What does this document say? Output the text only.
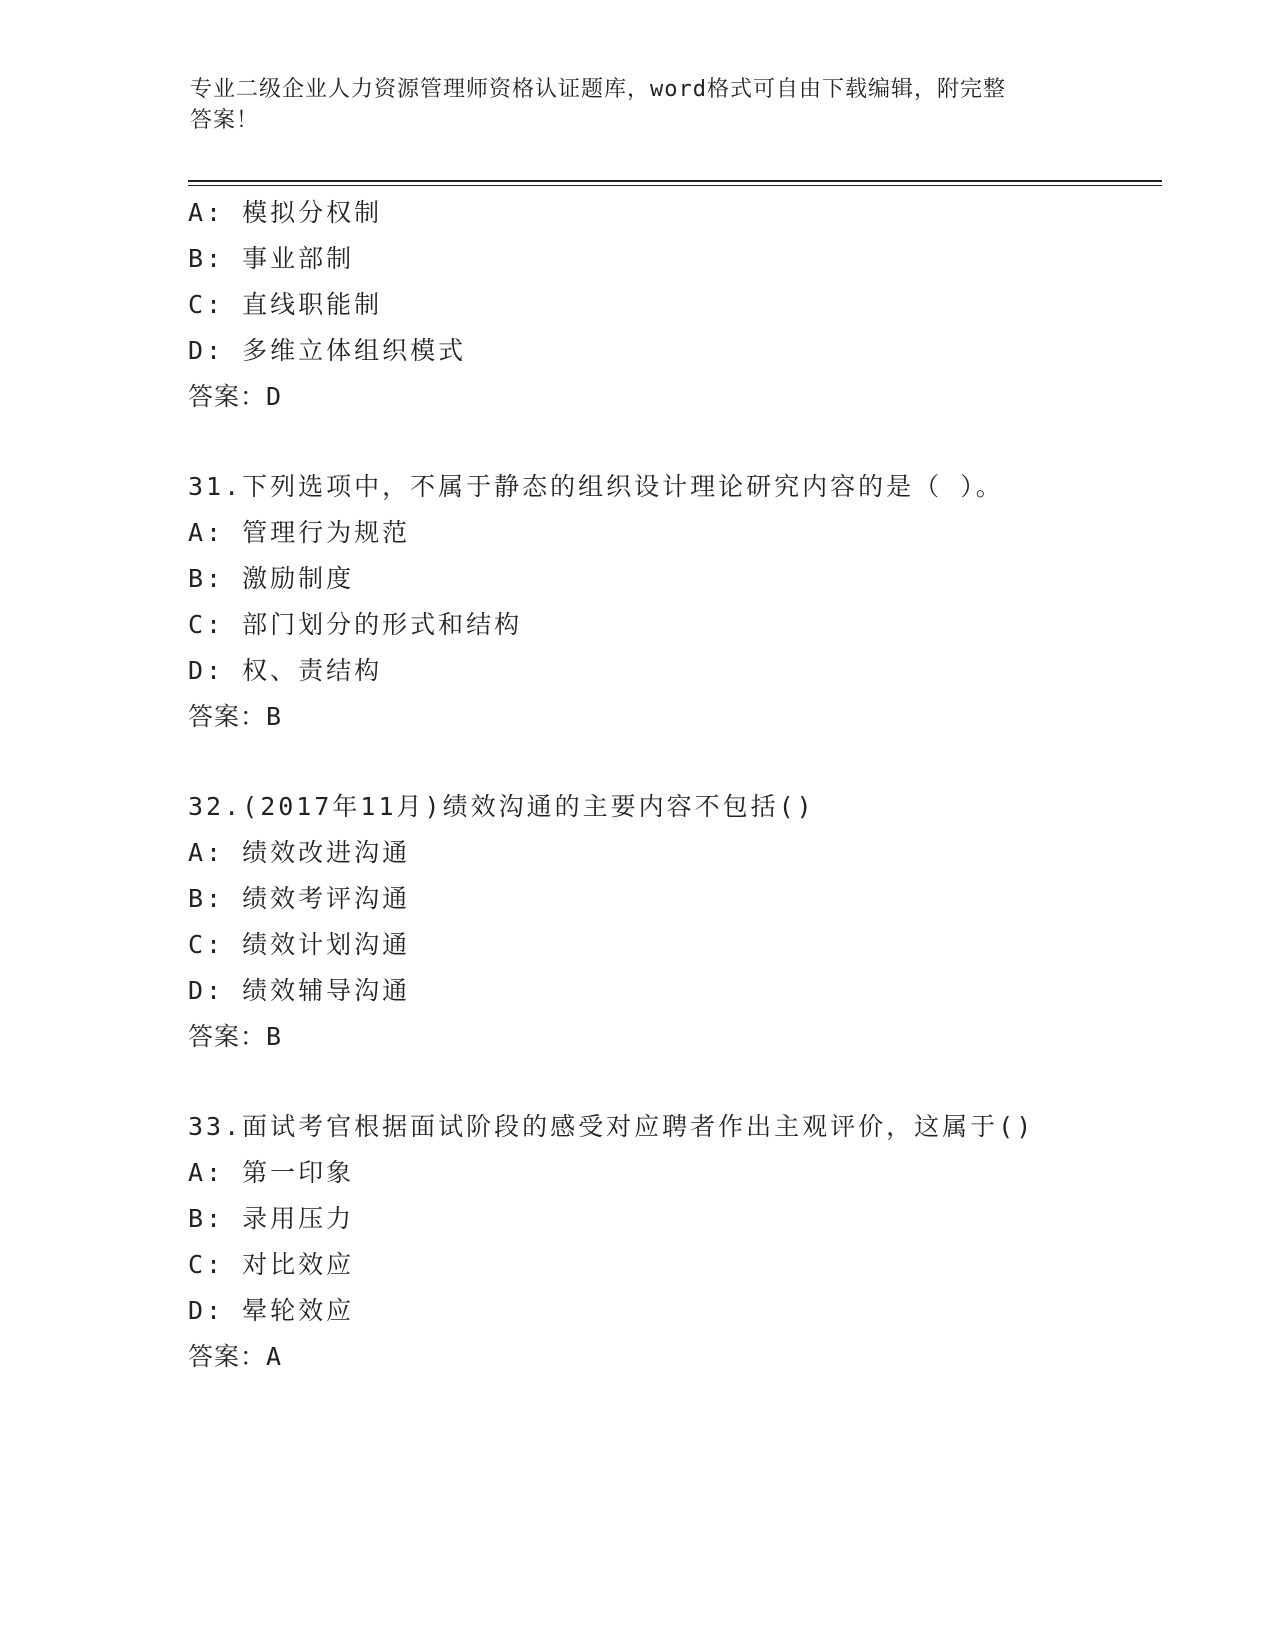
专业二级企业人力资源管理师资格认证题库，word格式可自由下载编辑，附完整
答案！
A: 模拟分权制
B: 事业部制
C: 直线职能制
D: 多维立体组织模式
答案：D
31.下列选项中，不属于静态的组织设计理论研究内容的是（ ）。
A: 管理行为规范
B: 激励制度
C: 部门划分的形式和结构
D: 权、责结构
答案：B
32.(2017年11月)绩效沟通的主要内容不包括()
A: 绩效改进沟通
B: 绩效考评沟通
C: 绩效计划沟通
D: 绩效辅导沟通
答案：B
33.面试考官根据面试阶段的感受对应聘者作出主观评价，这属于()
A: 第一印象
B: 录用压力
C: 对比效应
D: 晕轮效应
答案：A
